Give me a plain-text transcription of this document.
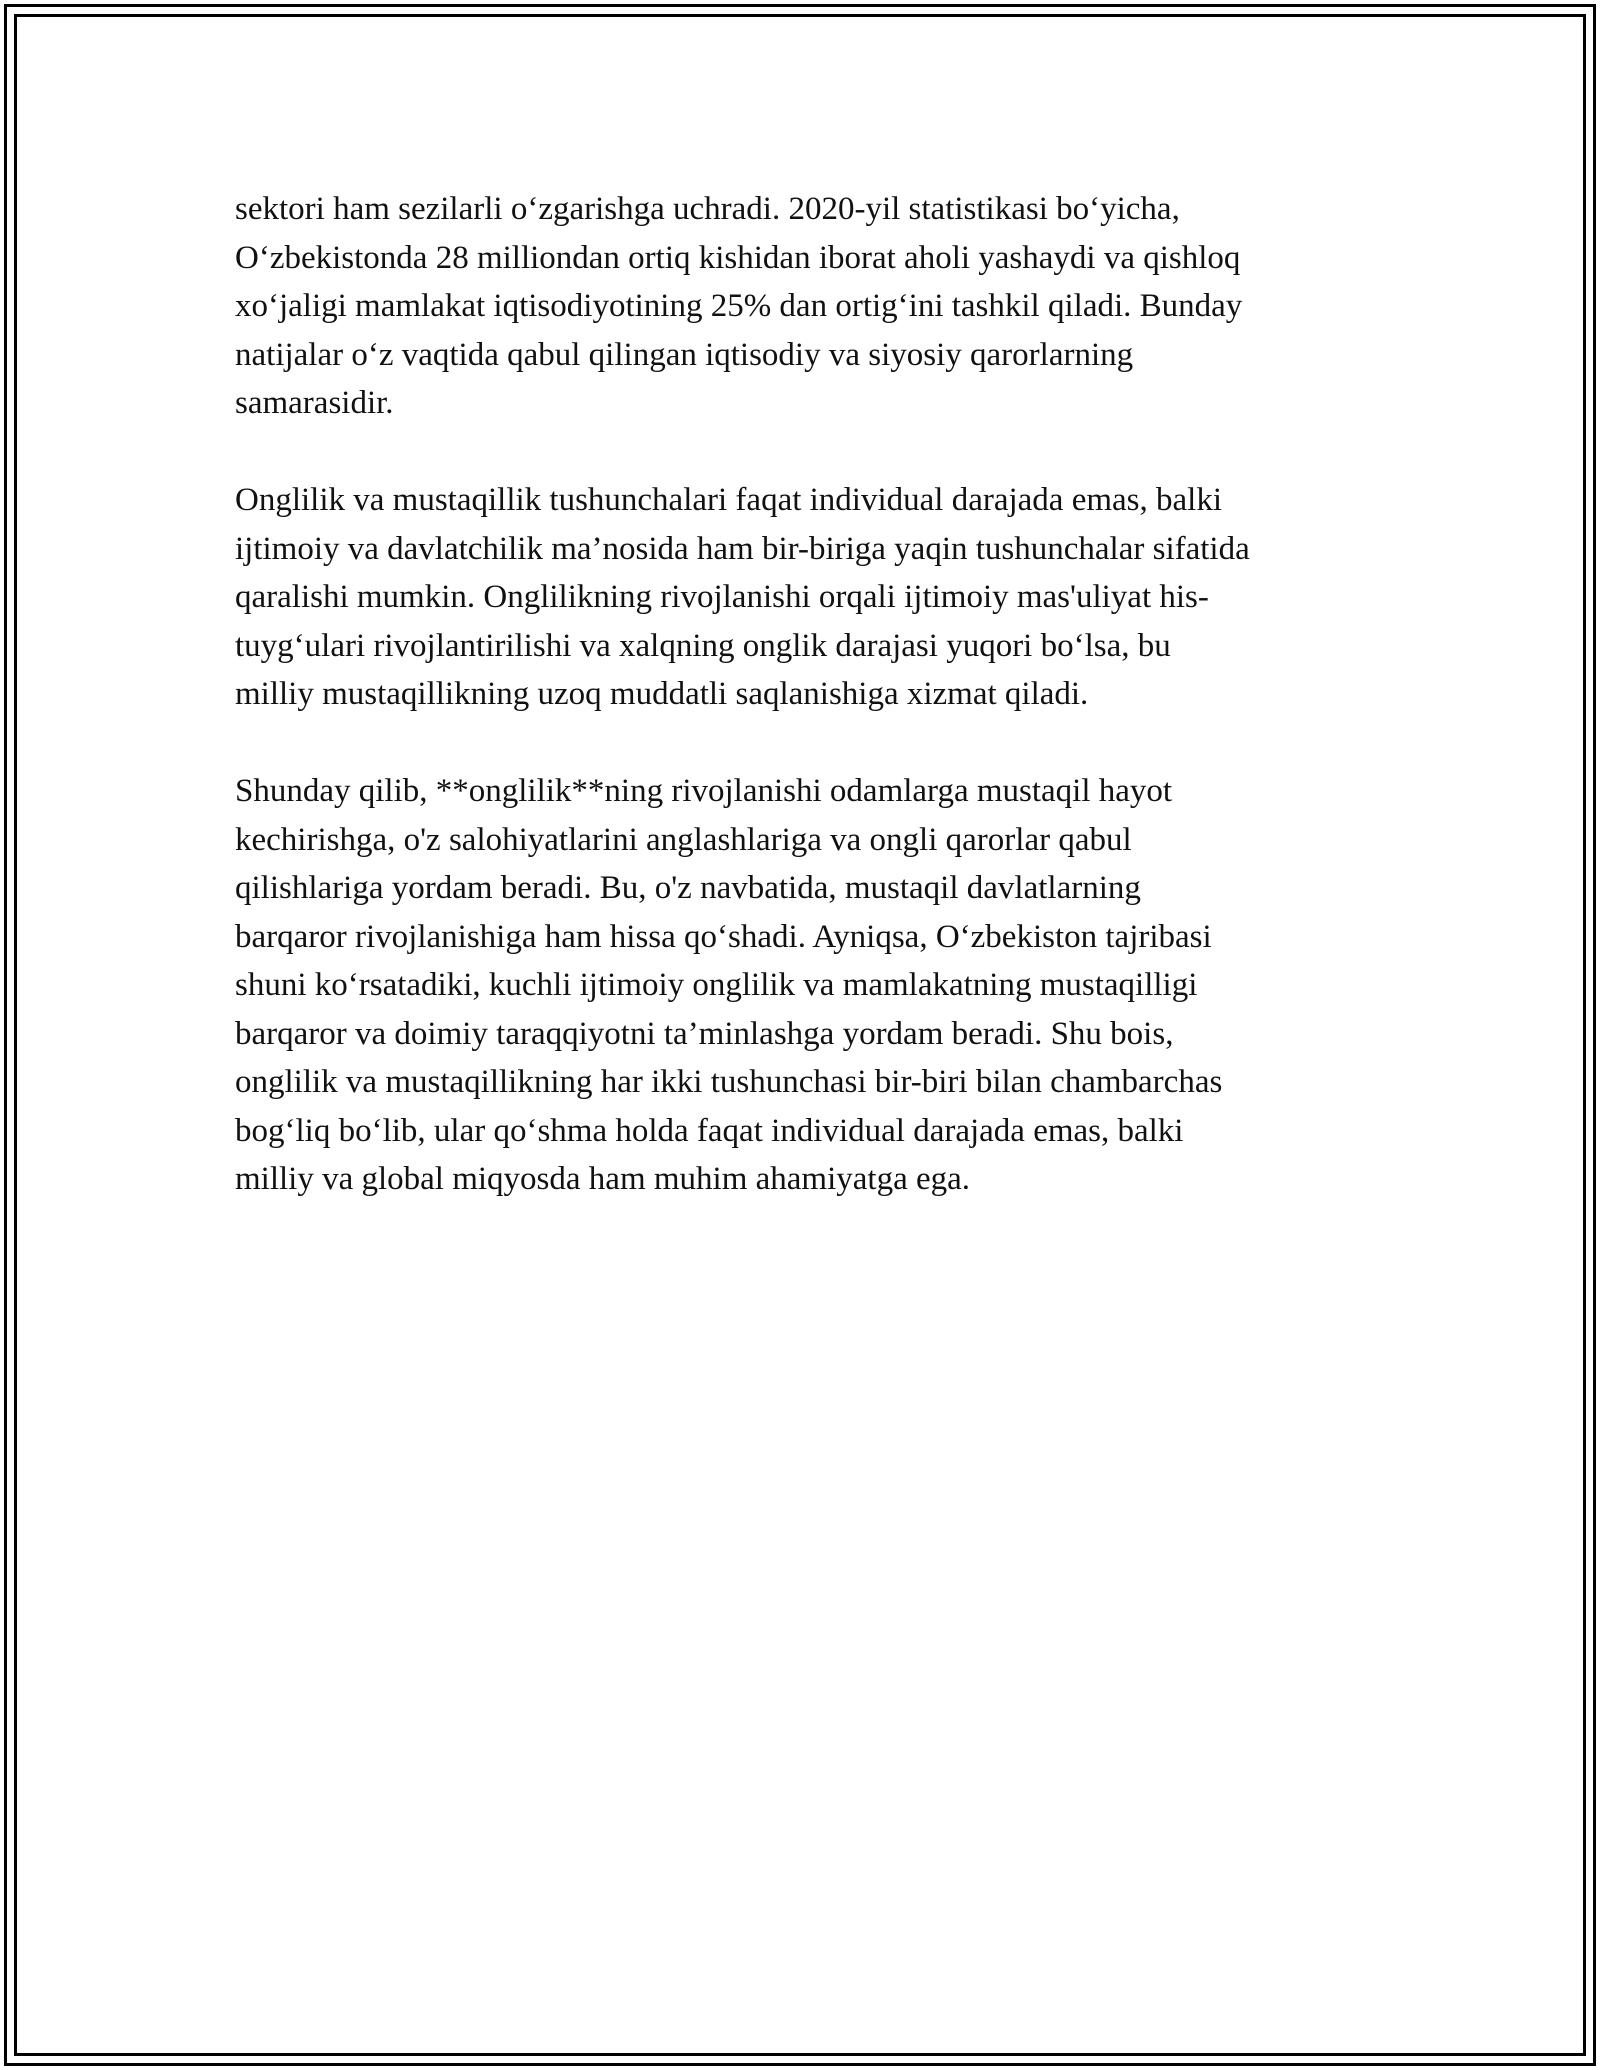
sektori ham sezilarli o‘zgarishga uchradi. 2020-yil statistikasi bo‘yicha,
O‘zbekistonda 28 milliondan ortiq kishidan iborat aholi yashaydi va qishloq
xo‘jaligi mamlakat iqtisodiyotining 25% dan ortig‘ini tashkil qiladi. Bunday
natijalar o‘z vaqtida qabul qilingan iqtisodiy va siyosiy qarorlarning
samarasidir.

Onglilik va mustaqillik tushunchalari faqat individual darajada emas, balki
ijtimoiy va davlatchilik ma’nosida ham bir-biriga yaqin tushunchalar sifatida
qaralishi mumkin. Onglilikning rivojlanishi orqali ijtimoiy mas'uliyat his-
tuyg‘ulari rivojlantirilishi va xalqning onglik darajasi yuqori bo‘lsa, bu
milliy mustaqillikning uzoq muddatli saqlanishiga xizmat qiladi.

Shunday qilib, **onglilik**ning rivojlanishi odamlarga mustaqil hayot
kechirishga, o'z salohiyatlarini anglashlariga va ongli qarorlar qabul
qilishlariga yordam beradi. Bu, o'z navbatida, mustaqil davlatlarning
barqaror rivojlanishiga ham hissa qo‘shadi. Ayniqsa, O‘zbekiston tajribasi
shuni ko‘rsatadiki, kuchli ijtimoiy onglilik va mamlakatning mustaqilligi
barqaror va doimiy taraqqiyotni ta’minlashga yordam beradi. Shu bois,
onglilik va mustaqillikning har ikki tushunchasi bir-biri bilan chambarchas
bog‘liq bo‘lib, ular qo‘shma holda faqat individual darajada emas, balki
milliy va global miqyosda ham muhim ahamiyatga ega.
